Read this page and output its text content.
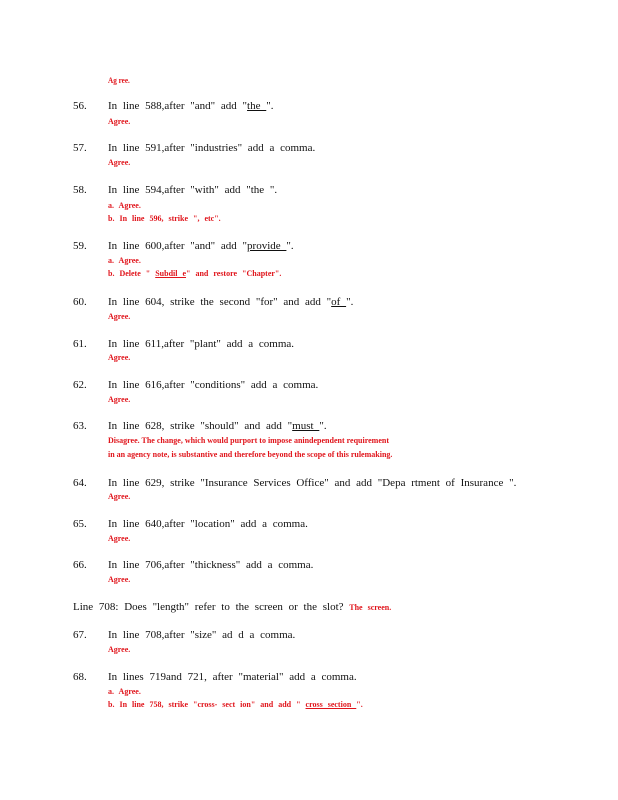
Ag ree.
56. In line 588,after "and" add "the ".
Agree.
57. In line 591,after "industries" add a comma.
Agree.
58. In line 594,after "with" add "the ".
a. Agree.
b. In line 596, strike ", etc".
59. In line 600,after "and" add "provide ".
a. Agree.
b. Delete " Subdil e" and restore "Chapter".
60. In line 604, strike the second "for" and add "of ".
Agree.
61. In line 611,after "plant" add a comma.
Agree.
62. In line 616,after "conditions" add a comma.
Agree.
63. In line 628, strike "should" and add "must ".
Disagree. The change, which would purport to impose anindependent requirement
in an agency note, is substantive and therefore beyond the scope of this rulemaking.
64. In line 629, strike "Insurance Services Office" and add "Depa rtment of Insurance ".
Agree.
65. In line 640,after "location" add a comma.
Agree.
66. In line 706,after "thickness" add a comma.
Agree.
Line 708: Does "length" refer to the screen or the slot? The screen.
67. In line 708,after "size" ad d a comma.
Agree.
68. In lines 719and 721, after "material" add a comma.
a. Agree.
b. In line 758, strike "cross- sect ion" and add " cross section ".
